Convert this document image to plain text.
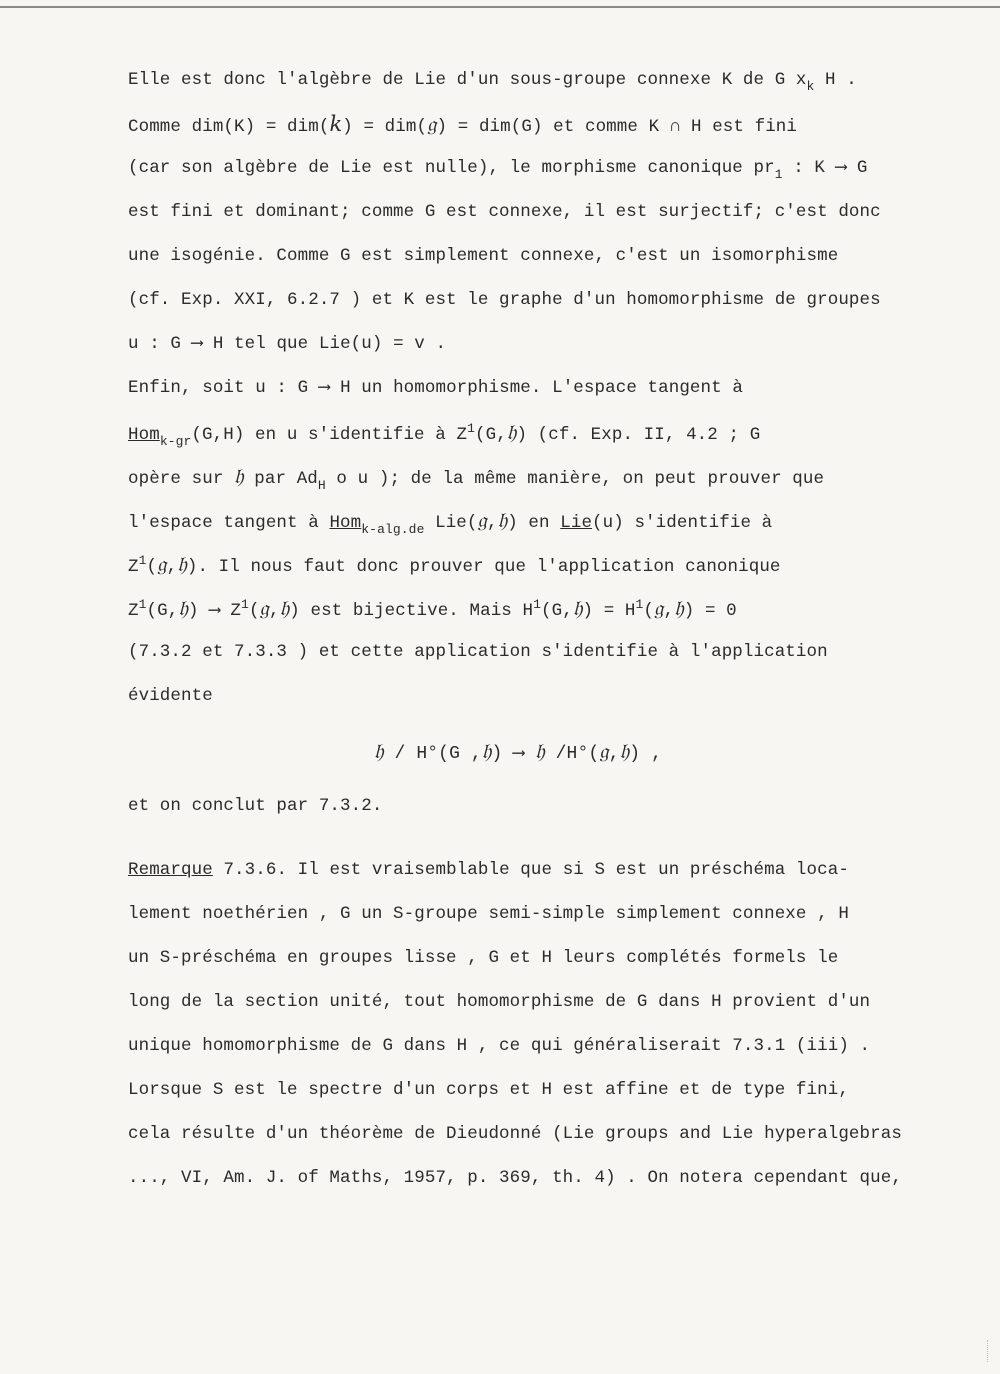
Elle est donc l'algèbre de Lie d'un sous-groupe connexe K de G $x_k$ H .
Comme dim(K) = dim(k) = dim(𝔤) = dim(G) et comme K ∩ H est fini
(car son algèbre de Lie est nulle), le morphisme canonique $pr_1$ : K ⟶ G
est fini et dominant; comme G est connexe, il est surjectif; c'est donc
une isogénie. Comme G est simplement connexe, c'est un isomorphisme
(cf. Exp. XXI, 6.2.7 ) et K est le graphe d'un homomorphisme de groupes
u : G ⟶ H tel que Lie(u) = v .
Enfin, soit u : G ⟶ H un homomorphisme. L'espace tangent à
Hom$_{k-gr}$(G,H) en u s'identifie à $Z^1(G,𝔥)$ (cf. Exp. II, 4.2 ; G
opère sur 𝔥 par $Ad_H$ o u ); de la même manière, on peut prouver que
l'espace tangent à Hom$_{k-alg.de}$ Lie(𝔤,𝔥) en Lie(u) s'identifie à
$Z^1(𝔤,𝔥)$. Il nous faut donc prouver que l'application canonique
$Z^1(G,𝔥)$ ⟶ $Z^1(𝔤,𝔥)$ est bijective. Mais $H^1(G,𝔥)$ = $H^1(𝔤,𝔥) = 0$
(7.3.2 et 7.3.3 ) et cette application s'identifie à l'application
évidente
𝔥 / H°(G ,𝔥) ⟶ 𝔥 /H°(𝔤,𝔥) ,
et on conclut par 7.3.2.
Remarque 7.3.6. Il est vraisemblable que si S est un préschéma loca-
lement noethérien , G un S-groupe semi-simple simplement connexe , H
un S-préschéma en groupes lisse , G et H leurs complétés formels le
long de la section unité, tout homomorphisme de G dans H provient d'un
unique homomorphisme de G dans H , ce qui généraliserait 7.3.1 (iii) .
Lorsque S est le spectre d'un corps et H est affine et de type fini,
cela résulte d'un théorème de Dieudonné (Lie groups and Lie hyperalgebras
..., VI, Am. J. of Maths, 1957, p. 369, th. 4) . On notera cependant que,
